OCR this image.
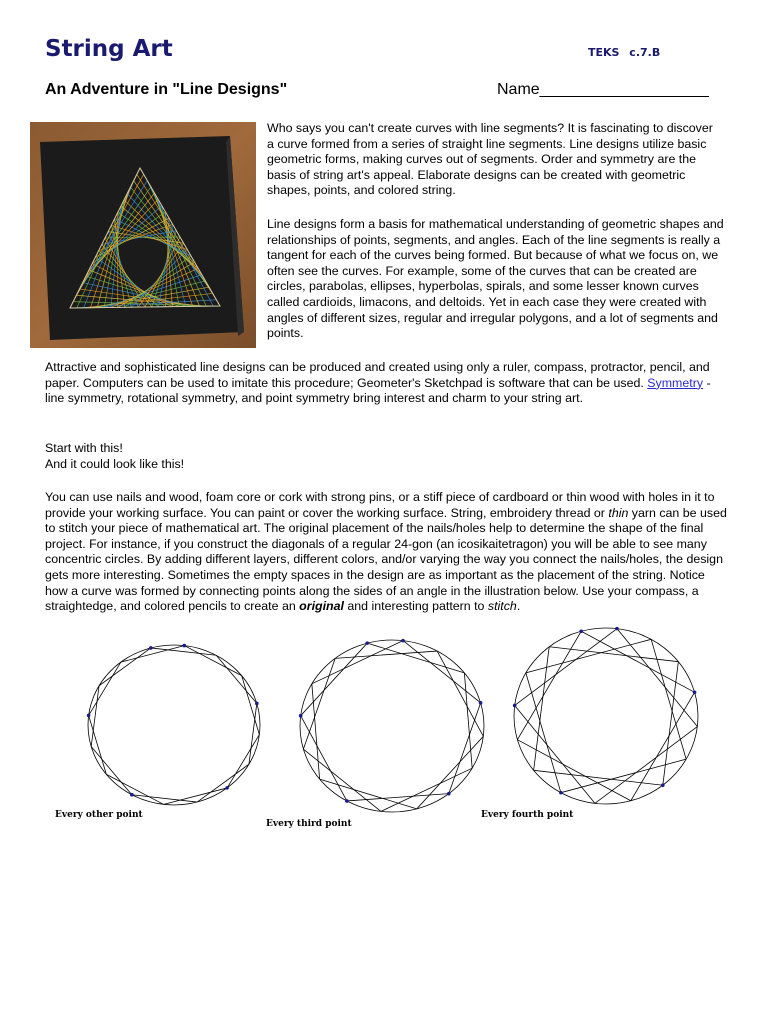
String Art	TEKS c.7.B
An Adventure in "Line Designs"	Name___________________

Who says you can't create curves with line segments? It is fascinating to discover a curve formed from a series of straight line segments. Line designs utilize basic geometric forms, making curves out of segments. Order and symmetry are the basis of string art's appeal. Elaborate designs can be created with geometric shapes, points, and colored string.

Line designs form a basis for mathematical understanding of geometric shapes and relationships of points, segments, and angles. Each of the line segments is really a tangent for each of the curves being formed. But because of what we focus on, we often see the curves. For example, some of the curves that can be created are circles, parabolas, ellipses, hyperbolas, spirals, and some lesser known curves called cardioids, limacons, and deltoids. Yet in each case they were created with angles of different sizes, regular and irregular polygons, and a lot of segments and points.

Attractive and sophisticated line designs can be produced and created using only a ruler, compass, protractor, pencil, and paper. Computers can be used to imitate this procedure; Geometer's Sketchpad is software that can be used. Symmetry - line symmetry, rotational symmetry, and point symmetry bring interest and charm to your string art.

Start with this!
And it could look like this!

You can use nails and wood, foam core or cork with strong pins, or a stiff piece of cardboard or thin wood with holes in it to provide your working surface. You can paint or cover the working surface. String, embroidery thread or thin yarn can be used to stitch your piece of mathematical art. The original placement of the nails/holes help to determine the shape of the final project. For instance, if you construct the diagonals of a regular 24-gon (an icosikaitetragon) you will be able to see many concentric circles. By adding different layers, different colors, and/or varying the way you connect the nails/holes, the design gets more interesting. Sometimes the empty spaces in the design are as important as the placement of the string. Notice how a curve was formed by connecting points along the sides of an angle in the illustration below. Use your compass, a straightedge, and colored pencils to create an original and interesting pattern to stitch.

Every other point
Every third point
Every fourth point
